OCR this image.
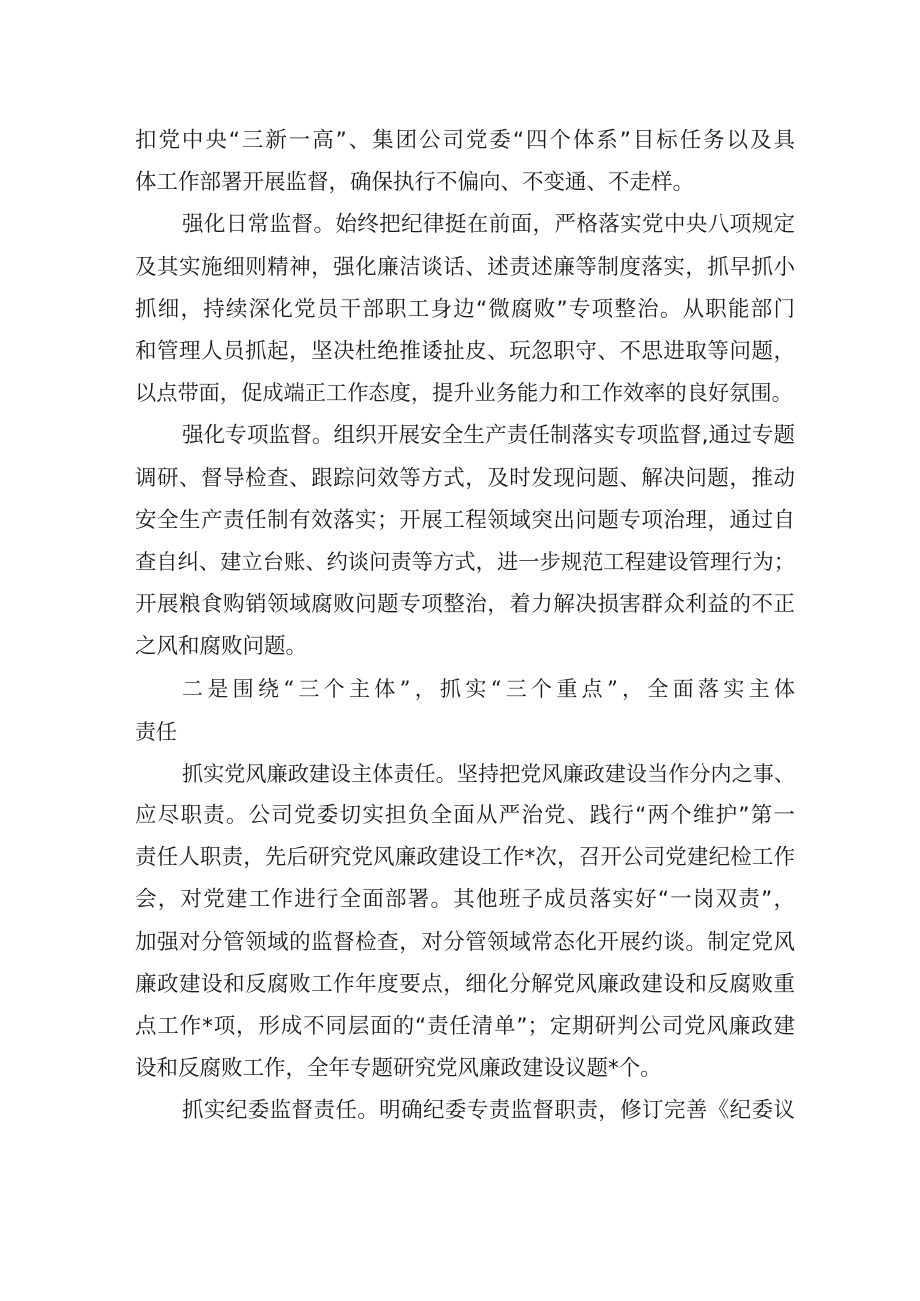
扣党中央“三新一高”、集团公司党委“四个体系”目标任务以及具
体工作部署开展监督，确保执行不偏向、不变通、不走样。
强化日常监督。始终把纪律挺在前面，严格落实党中央八项规定
及其实施细则精神，强化廉洁谈话、述责述廉等制度落实，抓早抓小
抓细，持续深化党员干部职工身边“微腐败”专项整治。从职能部门
和管理人员抓起，坚决杜绝推诿扯皮、玩忽职守、不思进取等问题，
以点带面，促成端正工作态度，提升业务能力和工作效率的良好氛围。
强化专项监督。组织开展安全生产责任制落实专项监督,通过专题
调研、督导检查、跟踪问效等方式，及时发现问题、解决问题，推动
安全生产责任制有效落实；开展工程领域突出问题专项治理，通过自
查自纠、建立台账、约谈问责等方式，进一步规范工程建设管理行为；
开展粮食购销领域腐败问题专项整治，着力解决损害群众利益的不正
之风和腐败问题。
二是围绕“三个主体”，抓实“三个重点”，全面落实主体
责任
抓实党风廉政建设主体责任。坚持把党风廉政建设当作分内之事、
应尽职责。公司党委切实担负全面从严治党、践行“两个维护”第一
责任人职责，先后研究党风廉政建设工作*次，召开公司党建纪检工作
会，对党建工作进行全面部署。其他班子成员落实好“一岗双责”，
加强对分管领域的监督检查，对分管领域常态化开展约谈。制定党风
廉政建设和反腐败工作年度要点，细化分解党风廉政建设和反腐败重
点工作*项，形成不同层面的“责任清单”；定期研判公司党风廉政建
设和反腐败工作，全年专题研究党风廉政建设议题*个。
抓实纪委监督责任。明确纪委专责监督职责，修订完善《纪委议
